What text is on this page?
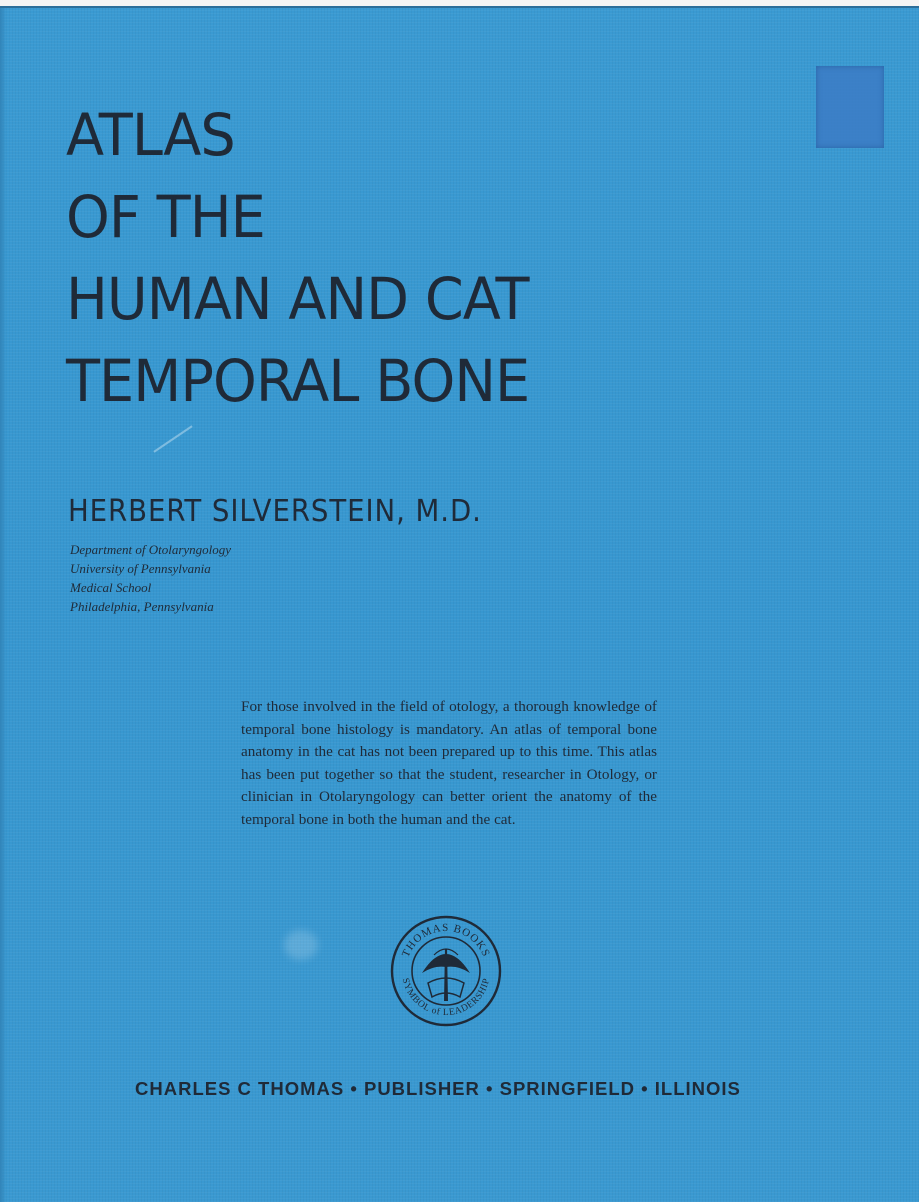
ATLAS
OF THE
HUMAN AND CAT
TEMPORAL BONE
HERBERT SILVERSTEIN, M.D.
Department of Otolaryngology
University of Pennsylvania
Medical School
Philadelphia, Pennsylvania

For those involved in the field of otology, a thorough knowledge of temporal bone histology is mandatory. An atlas of temporal bone anatomy in the cat has not been prepared up to this time. This atlas has been put together so that the student, researcher in Otology, or clinician in Otolaryngology can better orient the anatomy of the temporal bone in both the human and the cat.

THOMAS BOOKS
SYMBOL of LEADERSHIP
CHARLES C THOMAS • PUBLISHER • SPRINGFIELD • ILLINOIS
